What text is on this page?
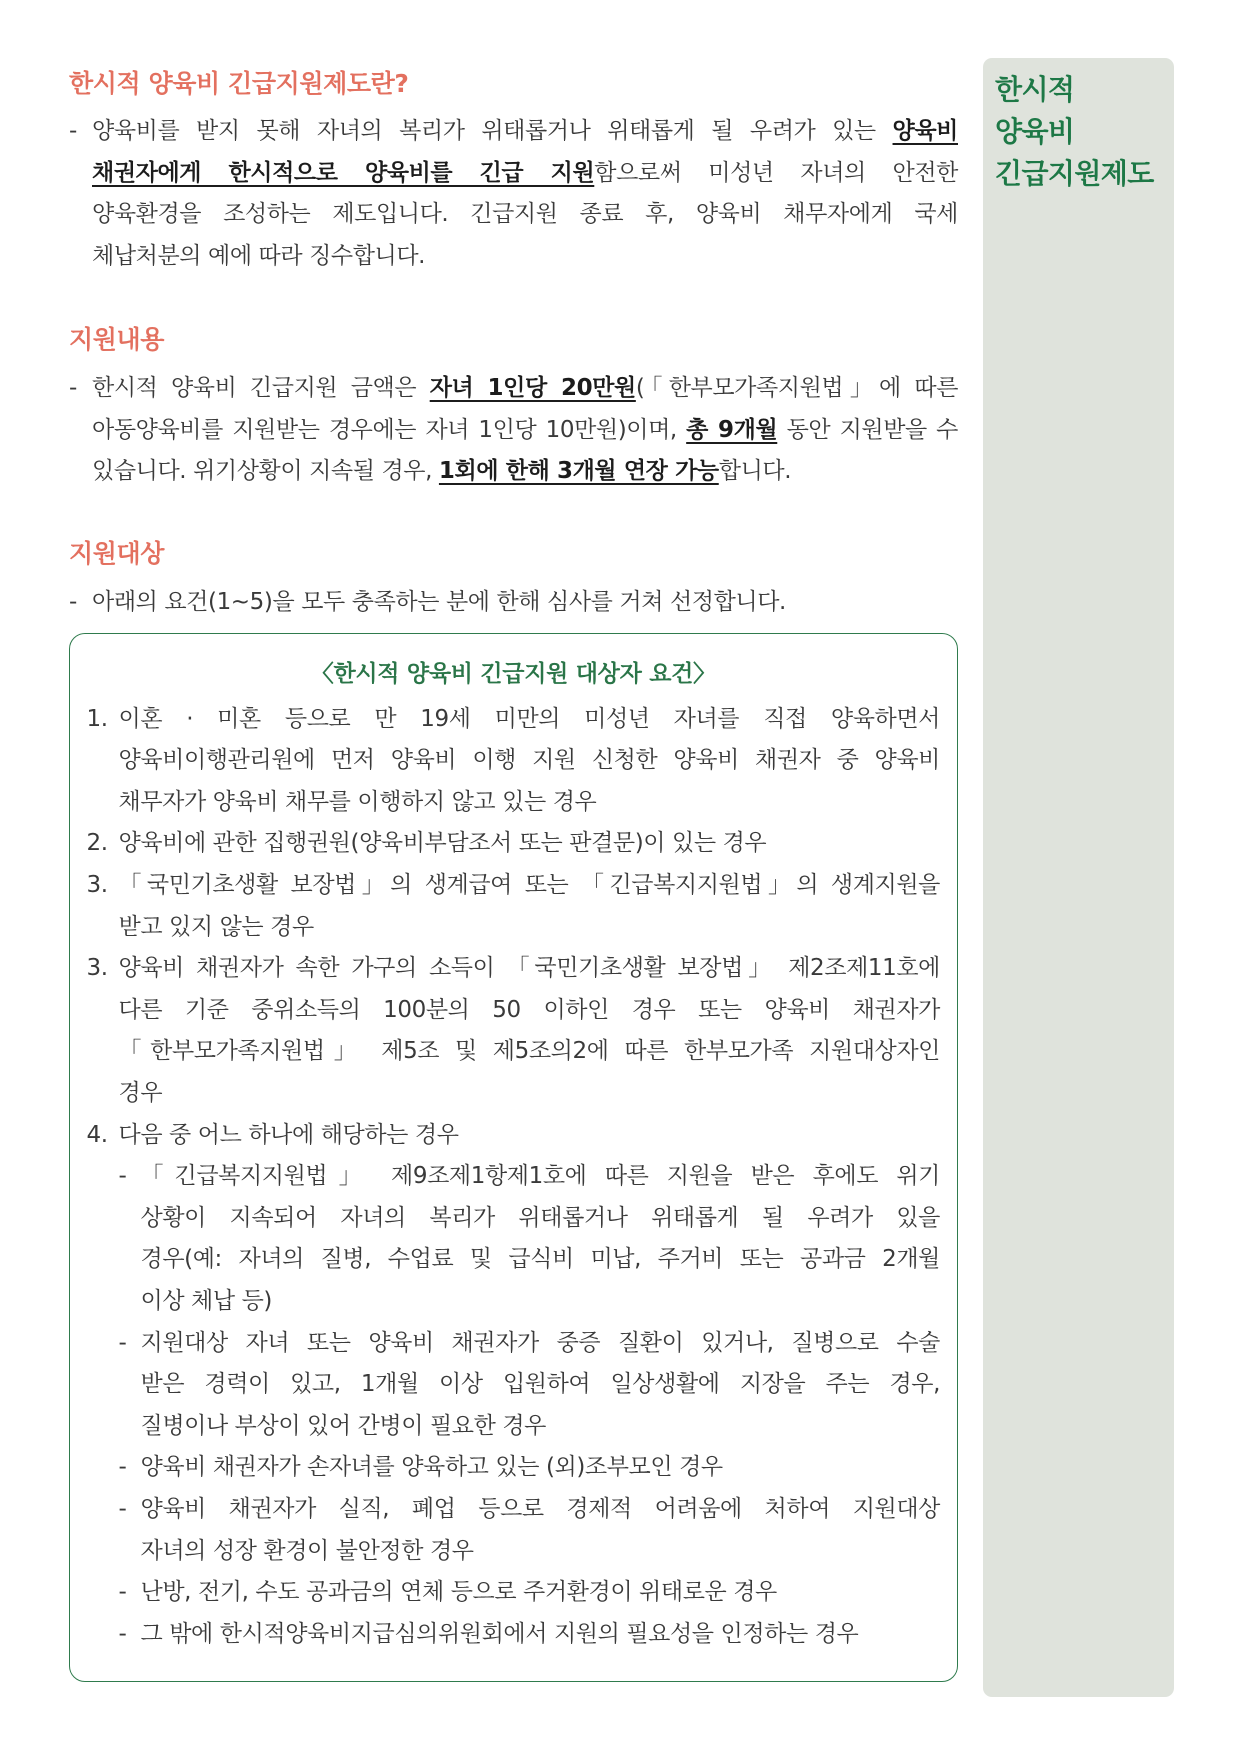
한시적
양육비
긴급지원제도
한시적 양육비 긴급지원제도란?
- 양육비를 받지 못해 자녀의 복리가 위태롭거나 위태롭게 될 우려가 있는 양육비
채권자에게 한시적으로 양육비를 긴급 지원함으로써 미성년 자녀의 안전한
양육환경을 조성하는 제도입니다. 긴급지원 종료 후, 양육비 채무자에게 국세
체납처분의 예에 따라 징수합니다.
지원내용
- 한시적 양육비 긴급지원 금액은 자녀 1인당 20만원(「한부모가족지원법」에 따른
아동양육비를 지원받는 경우에는 자녀 1인당 10만원)이며, 총 9개월 동안 지원받을 수
있습니다. 위기상황이 지속될 경우, 1회에 한해 3개월 연장 가능합니다.
지원대상
- 아래의 요건(1~5)을 모두 충족하는 분에 한해 심사를 거쳐 선정합니다.
〈한시적 양육비 긴급지원 대상자 요건〉
1. 이혼 · 미혼 등으로 만 19세 미만의 미성년 자녀를 직접 양육하면서
양육비이행관리원에 먼저 양육비 이행 지원 신청한 양육비 채권자 중 양육비
채무자가 양육비 채무를 이행하지 않고 있는 경우
2. 양육비에 관한 집행권원(양육비부담조서 또는 판결문)이 있는 경우
3. 「국민기초생활 보장법」의 생계급여 또는 「긴급복지지원법」의 생계지원을
받고 있지 않는 경우
3. 양육비 채권자가 속한 가구의 소득이 「국민기초생활 보장법」 제2조제11호에
다른 기준 중위소득의 100분의 50 이하인 경우 또는 양육비 채권자가
「한부모가족지원법」 제5조 및 제5조의2에 따른 한부모가족 지원대상자인
경우
4. 다음 중 어느 하나에 해당하는 경우
- 「긴급복지지원법」 제9조제1항제1호에 따른 지원을 받은 후에도 위기
상황이 지속되어 자녀의 복리가 위태롭거나 위태롭게 될 우려가 있을
경우(예: 자녀의 질병, 수업료 및 급식비 미납, 주거비 또는 공과금 2개월
이상 체납 등)
- 지원대상 자녀 또는 양육비 채권자가 중증 질환이 있거나, 질병으로 수술
받은 경력이 있고, 1개월 이상 입원하여 일상생활에 지장을 주는 경우,
질병이나 부상이 있어 간병이 필요한 경우
- 양육비 채권자가 손자녀를 양육하고 있는 (외)조부모인 경우
- 양육비 채권자가 실직, 폐업 등으로 경제적 어려움에 처하여 지원대상
자녀의 성장 환경이 불안정한 경우
- 난방, 전기, 수도 공과금의 연체 등으로 주거환경이 위태로운 경우
- 그 밖에 한시적양육비지급심의위원회에서 지원의 필요성을 인정하는 경우
